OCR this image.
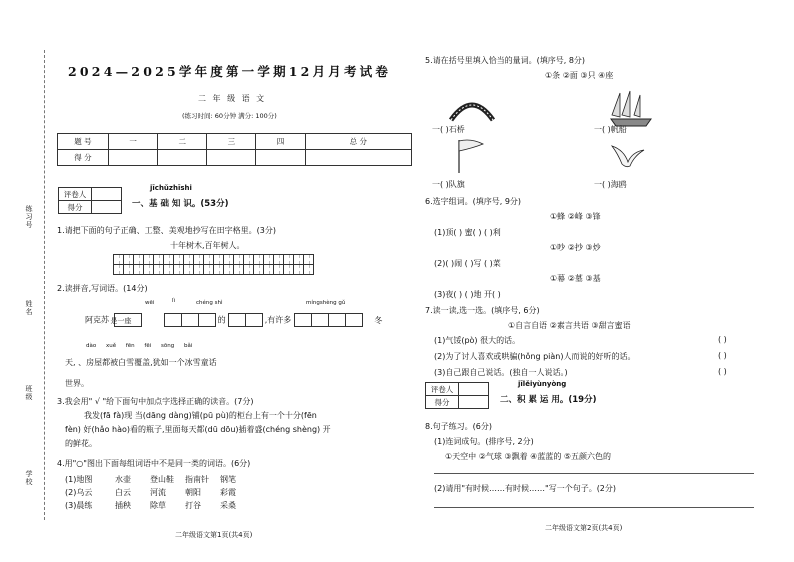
练习号
姓名
班级
学校
2024—2025学年度第一学期12月月考试卷
二 年 级 语 文
(练习时间: 60分钟 满分: 100分)
题 号	一	二	三	四	总 分
得 分					
评卷人	
得分	
jīchǔzhīshi
一、基 础 知 识。(53分)
1.请把下面的句子正确、工整、美观地抄写在田字格里。(3分)
十年树木,百年树人。
2.读拼音,写词语。(14分)
wēi	lì	chéng shì	míngshèng gǔ
阿克苏 是一座	的	,有许多	冬
dào xuě fēn fēi sōng bǎi
天, 、房屋都被白雪覆盖,犹如一个冰雪童话
世界。
3.我会用" √ "给下面句中加点字选择正确的读音。(7分)
我发(fā fà)现 当(dāng dàng)铺(pū pù)的柜台上有一个十分(fēn
fèn) 好(hǎo hào)看的瓶子,里面每天都(dū dōu)插着盛(chéng shèng) 开
的鲜花。
4.用"○"图出下面每组词语中不是同一类的词语。(6分)
(1)地图	水壶 登山鞋 指南针 钢笔
(2)乌云	白云 河流 朝阳 彩霞
(3)晨练	插秧 除草 打谷 采桑
二年级语文第1页(共4页)
5.请在括号里填入恰当的量词。(填序号, 8分)
①条 ②面 ③只 ④座
一( )石桥	一( )帆船
一( )队旗	一( )海鸥
6.选字组词。(填序号, 9分)
①蜂 ②峰 ③锋
(1)顶( ) 蜜( ) ( )利
①吵 ②抄 ③炒
(2)( )闹 ( )写 ( )菜
①幕 ②墓 ③基
(3)夜( ) ( )地 开( )
7.读一读,选一选。(填序号, 6分)
①自言自语 ②素言共语 ③甜言蜜语
(1)气馁(pò) 很大的话。	( )
(2)为了讨人喜欢或哄骗(hǒng piàn)人而说的好听的话。	( )
(3)自己跟自己说话。(独自一人说话。)	( )
评卷人	
得分	
jīlěiyùnyòng
二、积 累 运 用。(19分)
8.句子练习。(6分)
(1)连词成句。(排序号, 2分)
①天空中 ②气球 ③飘着 ④蓝蓝的 ⑤五颜六色的
(2)请用"有时候……有时候……"写一个句子。(2分)
二年级语文第2页(共4页)
